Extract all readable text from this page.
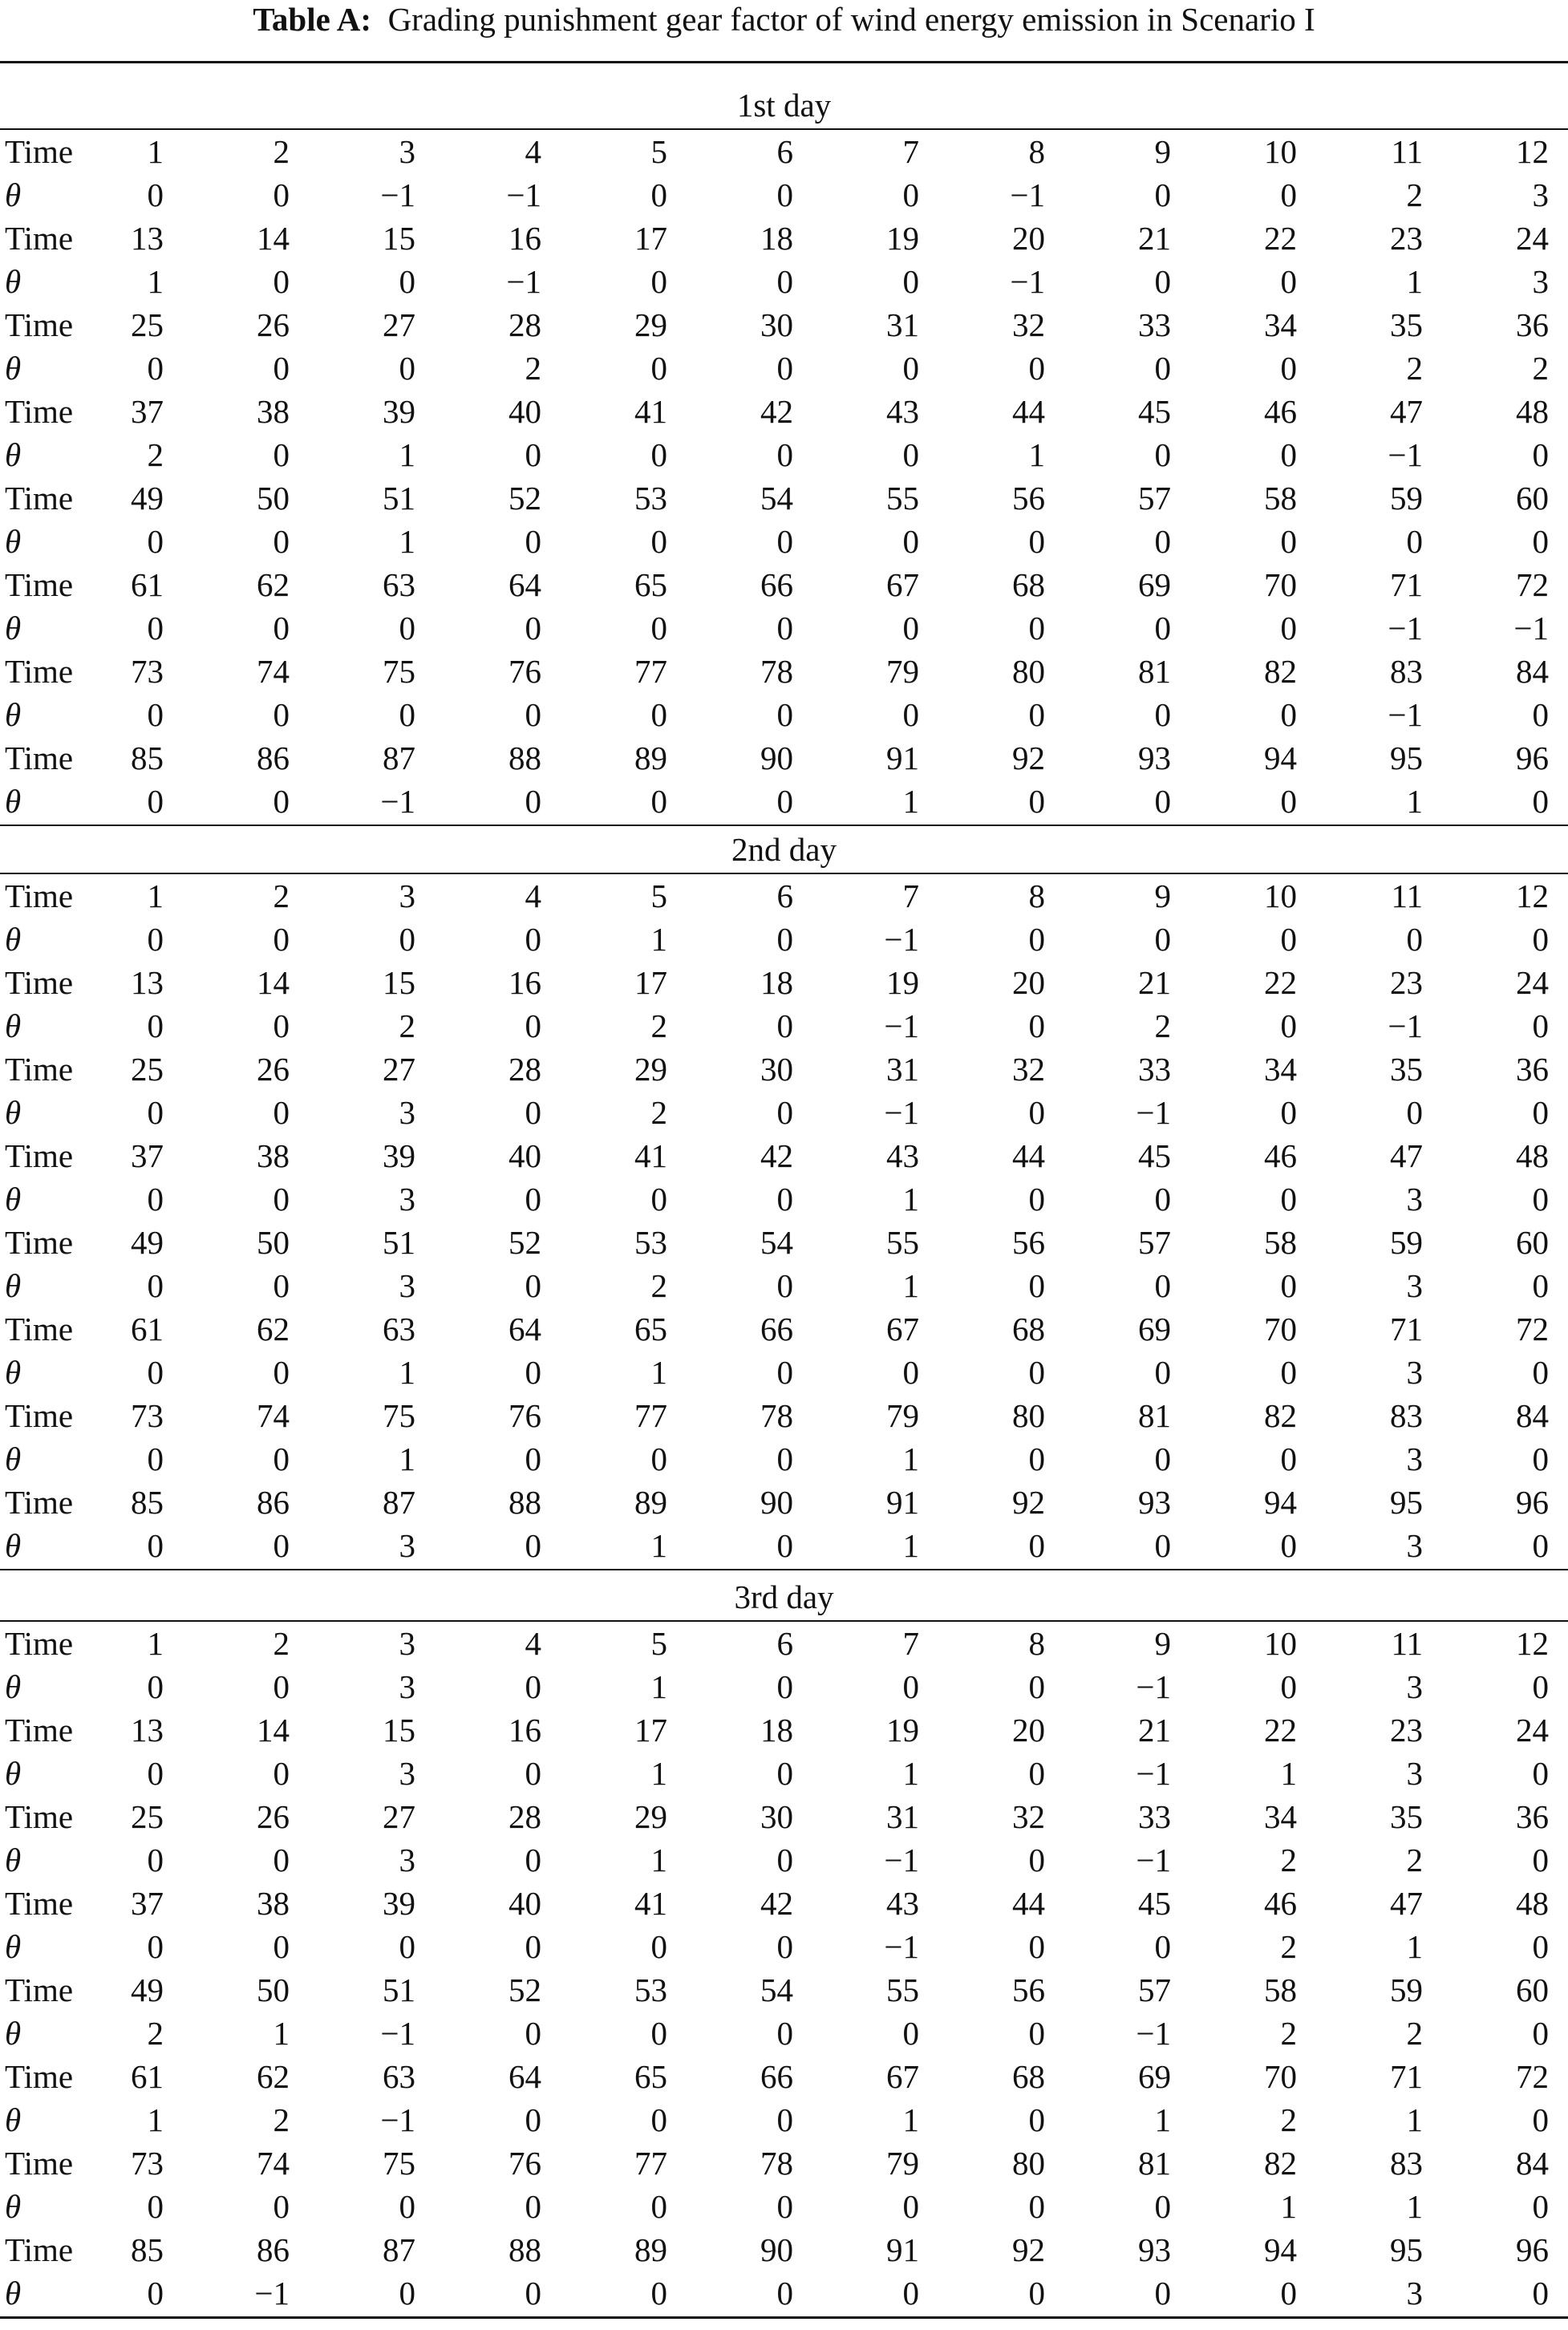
Table A: Grading punishment gear factor of wind energy emission in Scenario I
1st day
Time 1	2	3	4	5	6	7	8	9	10	11	12
θ	0	0	−1	−1	0	0	0	−1	0	0	2	3
Time 13	14	15	16	17	18	19	20	21	22	23	24
θ	1	0	0	−1	0	0	0	−1	0	0	1	3
Time 25	26	27	28	29	30	31	32	33	34	35	36
θ	0	0	0	2	0	0	0	0	0	0	2	2
Time 37	38	39	40	41	42	43	44	45	46	47	48
θ	2	0	1	0	0	0	0	1	0	0	−1	0
Time 49	50	51	52	53	54	55	56	57	58	59	60
θ	0	0	1	0	0	0	0	0	0	0	0	0
Time 61	62	63	64	65	66	67	68	69	70	71	72
θ	0	0	0	0	0	0	0	0	0	0	−1	−1
Time 73	74	75	76	77	78	79	80	81	82	83	84
θ	0	0	0	0	0	0	0	0	0	0	−1	0
Time 85	86	87	88	89	90	91	92	93	94	95	96
θ	0	0	−1	0	0	0	1	0	0	0	1	0
2nd day
Time 1	2	3	4	5	6	7	8	9	10	11	12
θ	0	0	0	0	1	0	−1	0	0	0	0	0
Time 13	14	15	16	17	18	19	20	21	22	23	24
θ	0	0	2	0	2	0	−1	0	2	0	−1	0
Time 25	26	27	28	29	30	31	32	33	34	35	36
θ	0	0	3	0	2	0	−1	0	−1	0	0	0
Time 37	38	39	40	41	42	43	44	45	46	47	48
θ	0	0	3	0	0	0	1	0	0	0	3	0
Time 49	50	51	52	53	54	55	56	57	58	59	60
θ	0	0	3	0	2	0	1	0	0	0	3	0
Time 61	62	63	64	65	66	67	68	69	70	71	72
θ	0	0	1	0	1	0	0	0	0	0	3	0
Time 73	74	75	76	77	78	79	80	81	82	83	84
θ	0	0	1	0	0	0	1	0	0	0	3	0
Time 85	86	87	88	89	90	91	92	93	94	95	96
θ	0	0	3	0	1	0	1	0	0	0	3	0
3rd day
Time 1	2	3	4	5	6	7	8	9	10	11	12
θ	0	0	3	0	1	0	0	0	−1	0	3	0
Time 13	14	15	16	17	18	19	20	21	22	23	24
θ	0	0	3	0	1	0	1	0	−1	1	3	0
Time 25	26	27	28	29	30	31	32	33	34	35	36
θ	0	0	3	0	1	0	−1	0	−1	2	2	0
Time 37	38	39	40	41	42	43	44	45	46	47	48
θ	0	0	0	0	0	0	−1	0	0	2	1	0
Time 49	50	51	52	53	54	55	56	57	58	59	60
θ	2	1	−1	0	0	0	0	0	−1	2	2	0
Time 61	62	63	64	65	66	67	68	69	70	71	72
θ	1	2	−1	0	0	0	1	0	1	2	1	0
Time 73	74	75	76	77	78	79	80	81	82	83	84
θ	0	0	0	0	0	0	0	0	0	1	1	0
Time 85	86	87	88	89	90	91	92	93	94	95	96
θ	0	−1	0	0	0	0	0	0	0	0	3	0
